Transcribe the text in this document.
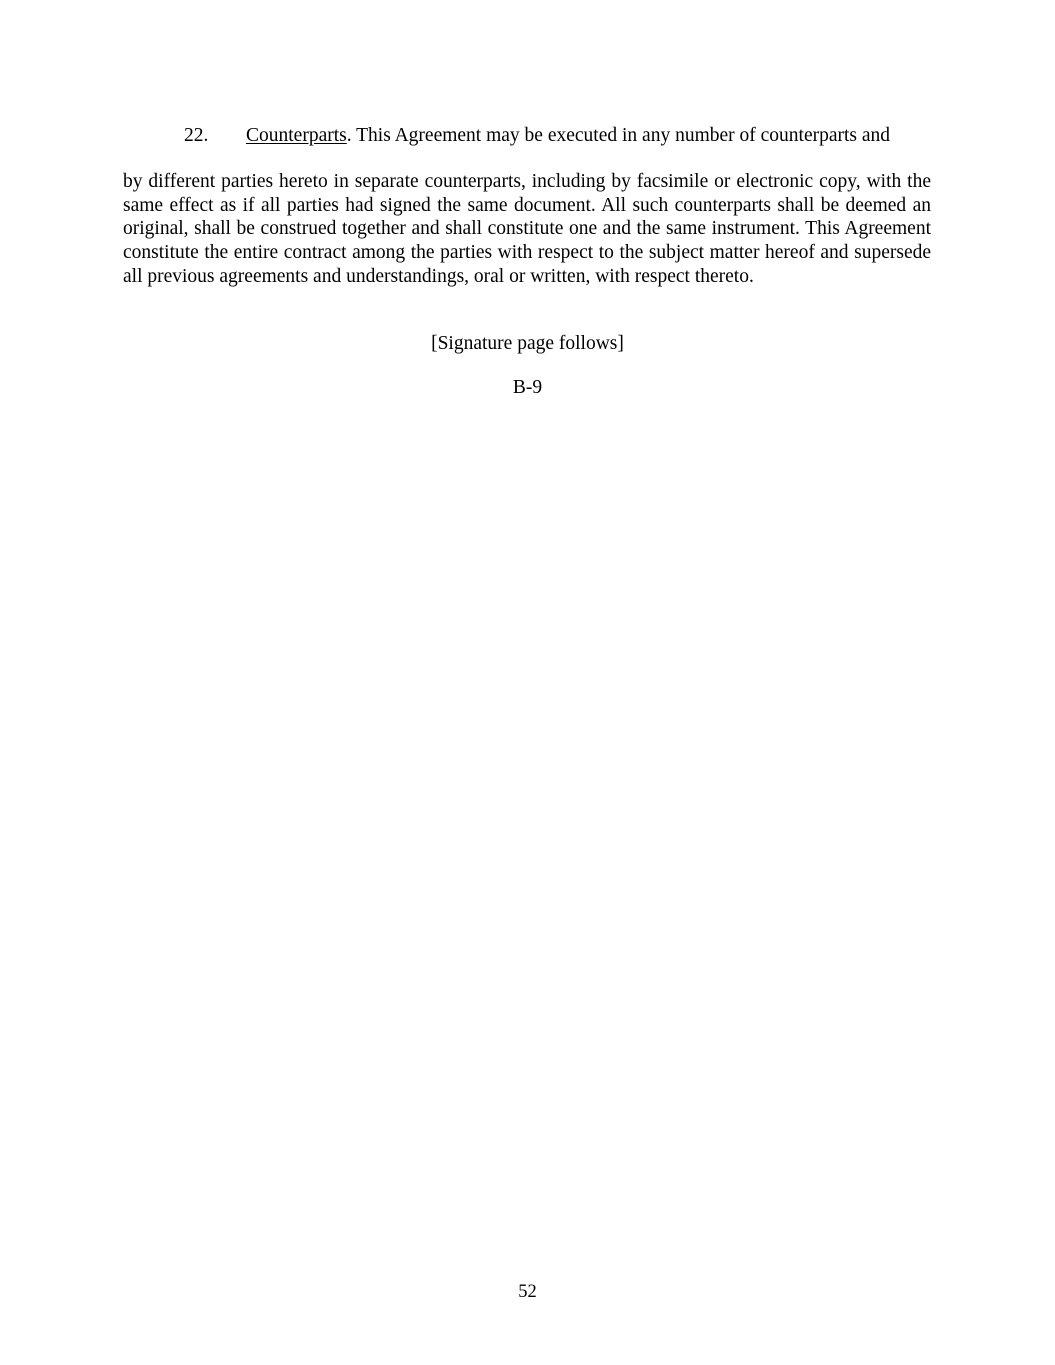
22. Counterparts. This Agreement may be executed in any number of counterparts and

by different parties hereto in separate counterparts, including by facsimile or electronic copy, with the same effect as if all parties had signed the same document. All such counterparts shall be deemed an original, shall be construed together and shall constitute one and the same instrument. This Agreement constitute the entire contract among the parties with respect to the subject matter hereof and supersede all previous agreements and understandings, oral or written, with respect thereto.

[Signature page follows]
B-9
52
